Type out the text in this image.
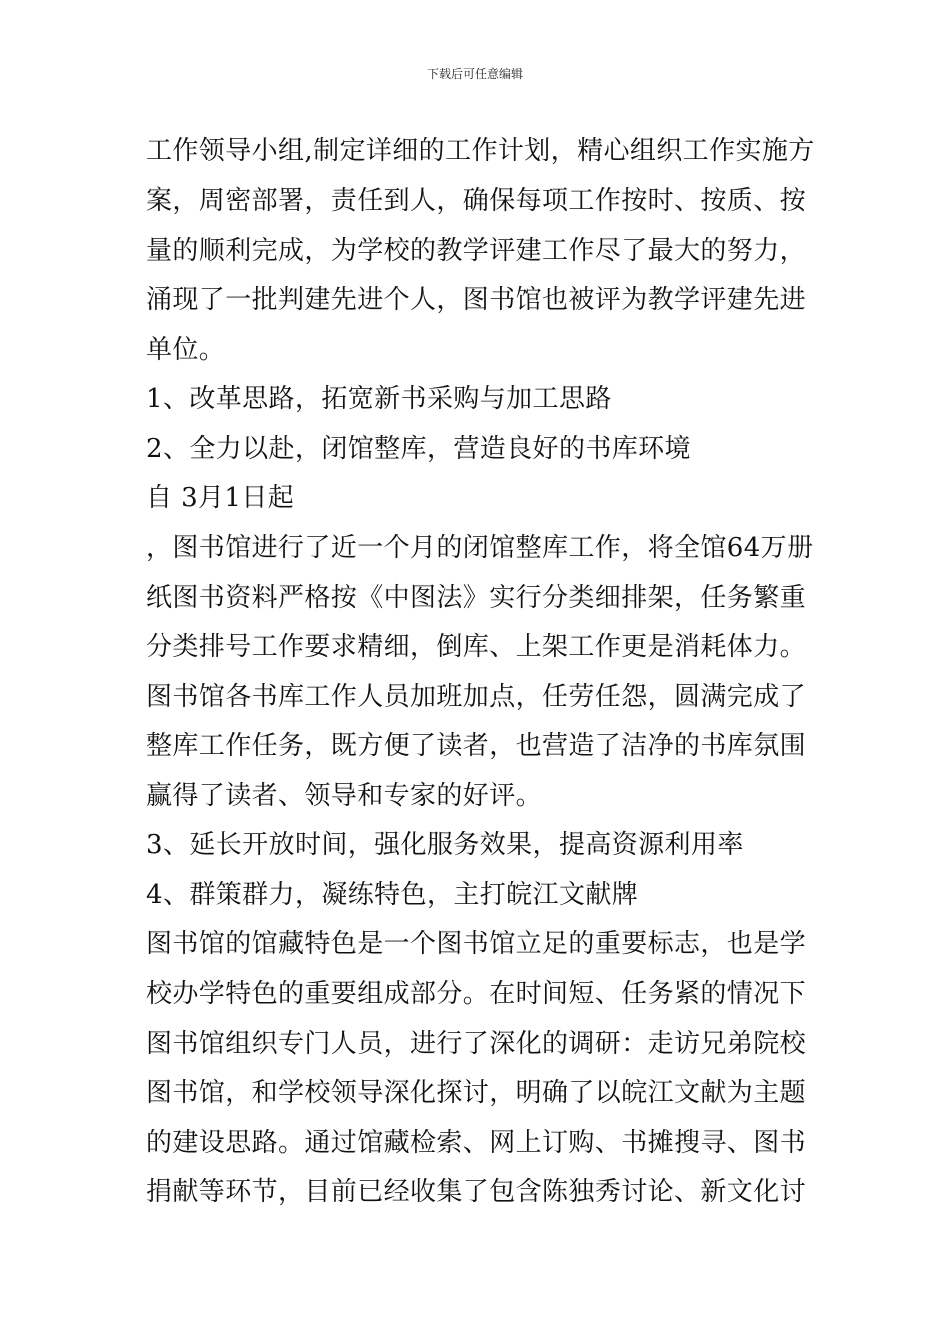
下载后可任意编辑
工作领导小组,制定详细的工作计划，精心组织工作实施方
案，周密部署，责任到人，确保每项工作按时、按质、按
量的顺利完成，为学校的教学评建工作尽了最大的努力，
涌现了一批判建先进个人，图书馆也被评为教学评建先进
单位。
1、改革思路，拓宽新书采购与加工思路
2、全力以赴，闭馆整库，营造良好的书库环境
自 3月1日起
，图书馆进行了近一个月的闭馆整库工作，将全馆64万册
纸图书资料严格按《中图法》实行分类细排架，任务繁重
分类排号工作要求精细，倒库、上架工作更是消耗体力。
图书馆各书库工作人员加班加点，任劳任怨，圆满完成了
整库工作任务，既方便了读者，也营造了洁净的书库氛围
赢得了读者、领导和专家的好评。
3、延长开放时间，强化服务效果，提高资源利用率
4、群策群力，凝练特色，主打皖江文献牌
图书馆的馆藏特色是一个图书馆立足的重要标志，也是学
校办学特色的重要组成部分。在时间短、任务紧的情况下
图书馆组织专门人员，进行了深化的调研：走访兄弟院校
图书馆，和学校领导深化探讨，明确了以皖江文献为主题
的建设思路。通过馆藏检索、网上订购、书摊搜寻、图书
捐献等环节，目前已经收集了包含陈独秀讨论、新文化讨
